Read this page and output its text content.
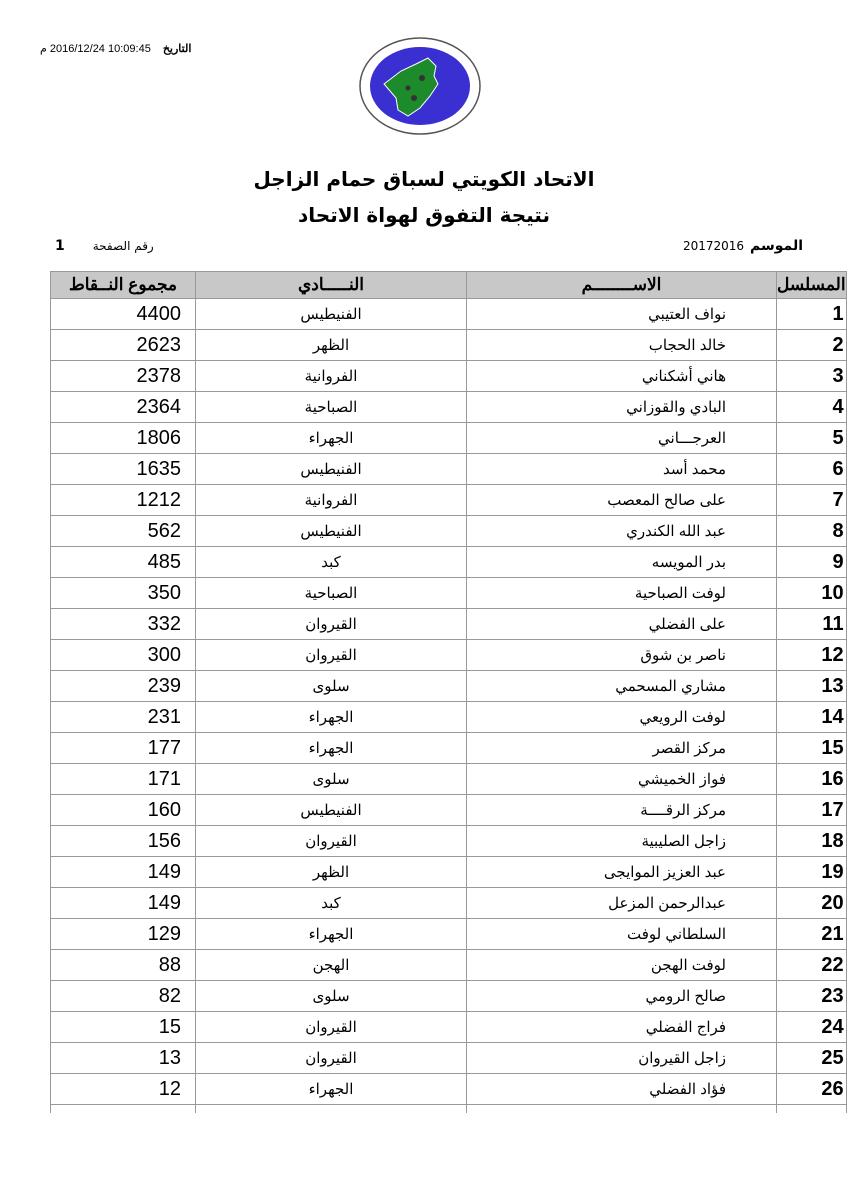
التاريخ10:09:45 2016/12/24 م
الاتحاد الكويتي لسباق حمام الزاجل
نتيجة التفوق لهواة الاتحاد
الموسم20172016
رقم الصفحة1
مجموع النــقاط	النـــــادي	الاســــــــم	المسلسل
4400	الفنيطيس	نواف العتيبي	1
2623	الظهر	خالد الحجاب	2
2378	الفروانية	هاني أشكناني	3
2364	الصباحية	البادي والقوزاني	4
1806	الجهراء	العرجـــاني	5
1635	الفنيطيس	محمد أسد	6
1212	الفروانية	على صالح المعصب	7
562	الفنيطيس	عبد الله الكندري	8
485	كبد	بدر المويسه	9
350	الصباحية	لوفت الصباحية	10
332	القيروان	على الفضلي	11
300	القيروان	ناصر بن شوق	12
239	سلوى	مشاري المسحمي	13
231	الجهراء	لوفت الرويعي	14
177	الجهراء	مركز القصر	15
171	سلوى	فواز الخميشي	16
160	الفنيطيس	مركز الرقــــة	17
156	القيروان	زاجل الصليبية	18
149	الظهر	عبد العزيز الموايجى	19
149	كبد	عبدالرحمن المزعل	20
129	الجهراء	السلطاني لوفت	21
88	الهجن	لوفت الهجن	22
82	سلوى	صالح الرومي	23
15	القيروان	فراج الفضلي	24
13	القيروان	زاجل القيروان	25
12	الجهراء	فؤاد الفضلي	26
